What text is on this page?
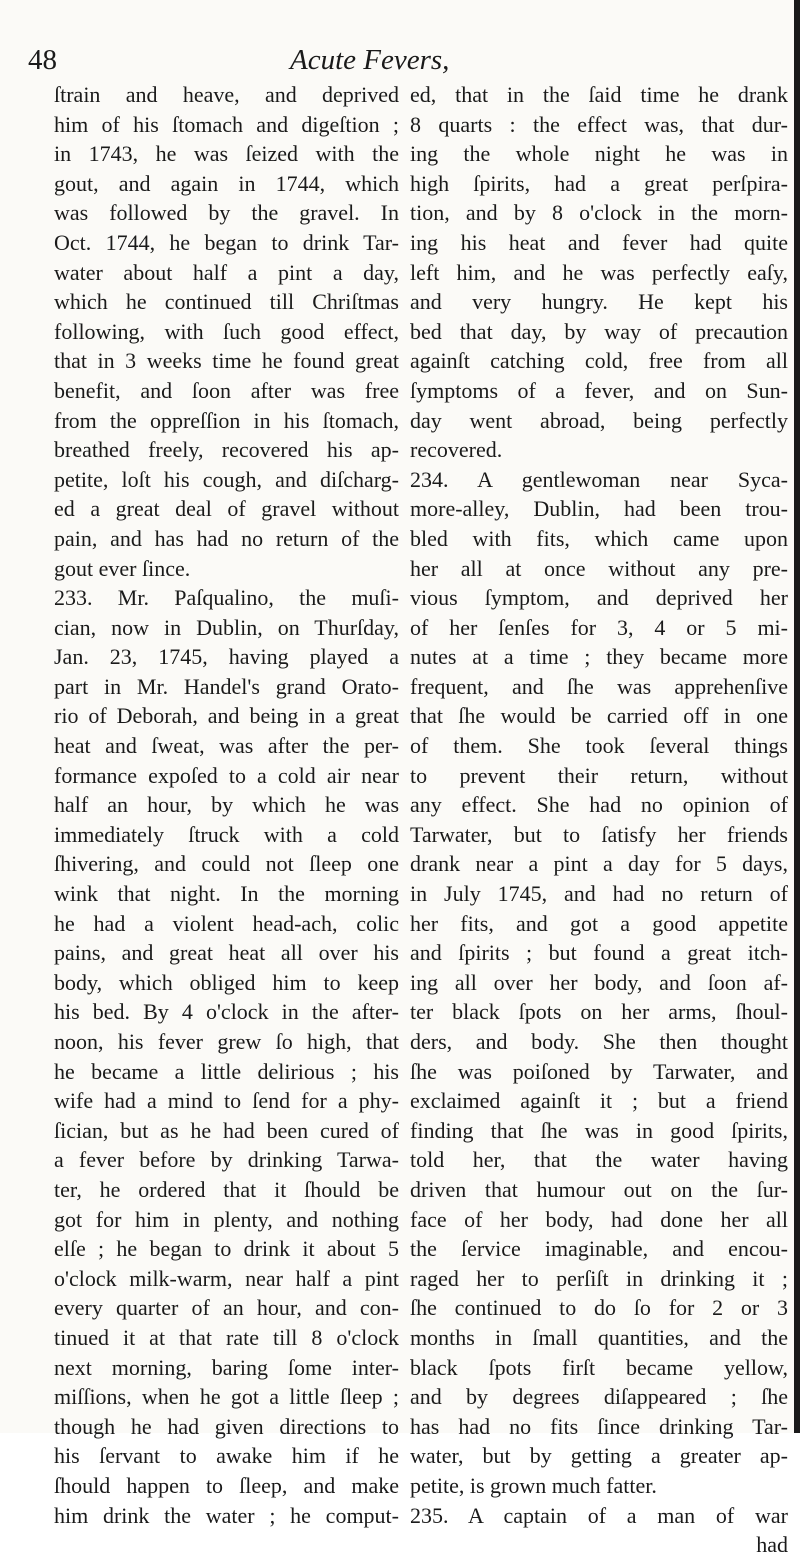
48	Acute Fevers,
ſtrain and heave, and deprived
him of his ſtomach and digeſtion ;
in 1743, he was ſeized with the
gout, and again in 1744, which
was followed by the gravel. In
Oct. 1744, he began to drink Tar-
water about half a pint a day,
which he continued till Chriſtmas
following, with ſuch good effect,
that in 3 weeks time he found great
benefit, and ſoon after was free
from the oppreſſion in his ſtomach,
breathed freely, recovered his ap-
petite, loſt his cough, and diſcharg-
ed a great deal of gravel without
pain, and has had no return of the
gout ever ſince.
233. Mr. Paſqualino, the muſi-
cian, now in Dublin, on Thurſday,
Jan. 23, 1745, having played a
part in Mr. Handel's grand Orato-
rio of Deborah, and being in a great
heat and ſweat, was after the per-
formance expoſed to a cold air near
half an hour, by which he was
immediately ſtruck with a cold
ſhivering, and could not ſleep one
wink that night. In the morning
he had a violent head-ach, colic
pains, and great heat all over his
body, which obliged him to keep
his bed. By 4 o'clock in the after-
noon, his fever grew ſo high, that
he became a little delirious ; his
wife had a mind to ſend for a phy-
ſician, but as he had been cured of
a fever before by drinking Tarwa-
ter, he ordered that it ſhould be
got for him in plenty, and nothing
elſe ; he began to drink it about 5
o'clock milk-warm, near half a pint
every quarter of an hour, and con-
tinued it at that rate till 8 o'clock
next morning, baring ſome inter-
miſſions, when he got a little ſleep ;
though he had given directions to
his ſervant to awake him if he
ſhould happen to ſleep, and make
him drink the water ; he comput-
ed, that in the ſaid time he drank
8 quarts : the effect was, that dur-
ing the whole night he was in
high ſpirits, had a great perſpira-
tion, and by 8 o'clock in the morn-
ing his heat and fever had quite
left him, and he was perfectly eaſy,
and very hungry. He kept his
bed that day, by way of precaution
againſt catching cold, free from all
ſymptoms of a fever, and on Sun-
day went abroad, being perfectly
recovered.
234. A gentlewoman near Syca-
more-alley, Dublin, had been trou-
bled with fits, which came upon
her all at once without any pre-
vious ſymptom, and deprived her
of her ſenſes for 3, 4 or 5 mi-
nutes at a time ; they became more
frequent, and ſhe was apprehenſive
that ſhe would be carried off in one
of them. She took ſeveral things
to prevent their return, without
any effect. She had no opinion of
Tarwater, but to ſatisfy her friends
drank near a pint a day for 5 days,
in July 1745, and had no return of
her fits, and got a good appetite
and ſpirits ; but found a great itch-
ing all over her body, and ſoon af-
ter black ſpots on her arms, ſhoul-
ders, and body. She then thought
ſhe was poiſoned by Tarwater, and
exclaimed againſt it ; but a friend
finding that ſhe was in good ſpirits,
told her, that the water having
driven that humour out on the ſur-
face of her body, had done her all
the ſervice imaginable, and encou-
raged her to perſiſt in drinking it ;
ſhe continued to do ſo for 2 or 3
months in ſmall quantities, and the
black ſpots firſt became yellow,
and by degrees diſappeared ; ſhe
has had no fits ſince drinking Tar-
water, but by getting a greater ap-
petite, is grown much fatter.
235. A captain of a man of war
had
